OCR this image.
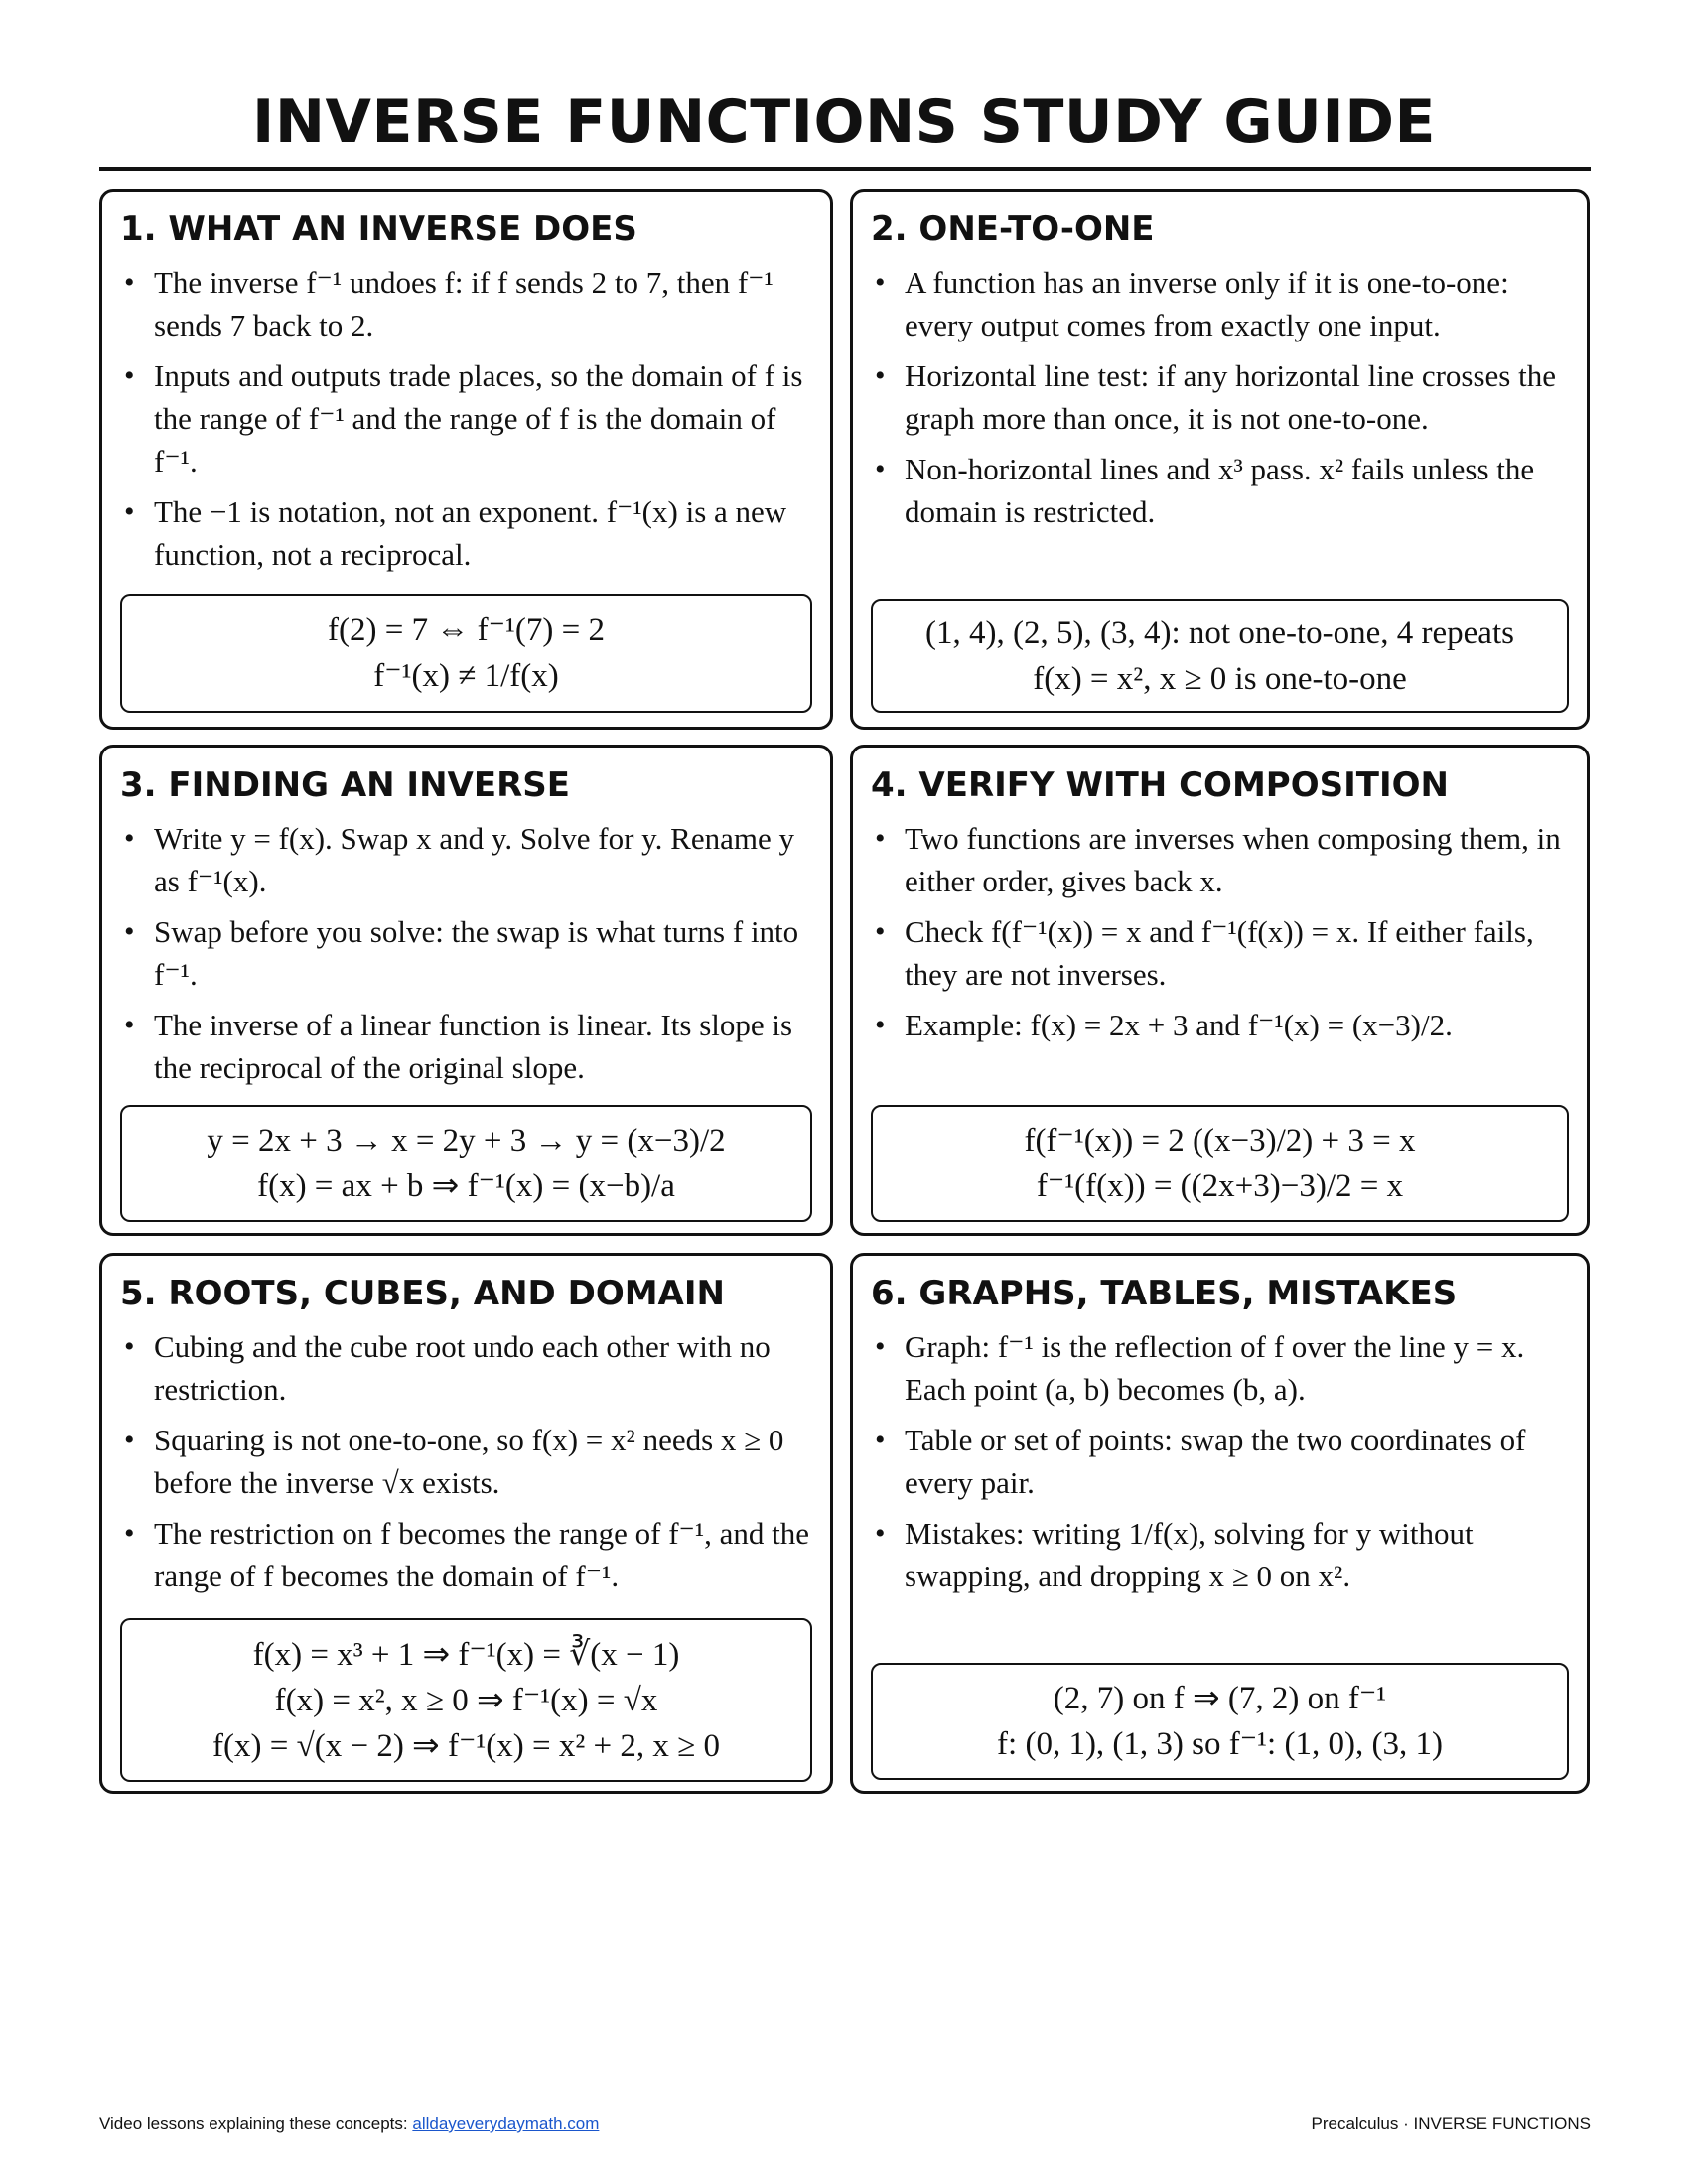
INVERSE FUNCTIONS STUDY GUIDE
1. WHAT AN INVERSE DOES
• The inverse f⁻¹ undoes f: if f sends 2 to 7, then f⁻¹ sends 7 back to 2.
• Inputs and outputs trade places, so the domain of f is the range of f⁻¹ and the range of f is the domain of f⁻¹.
• The −1 is notation, not an exponent. f⁻¹(x) is a new function, not a reciprocal.
f(2) = 7 ⇔ f⁻¹(7) = 2
f⁻¹(x) ≠ 1/f(x)
2. ONE-TO-ONE
• A function has an inverse only if it is one-to-one: every output comes from exactly one input.
• Horizontal line test: if any horizontal line crosses the graph more than once, it is not one-to-one.
• Non-horizontal lines and x³ pass. x² fails unless the domain is restricted.
(1, 4), (2, 5), (3, 4): not one-to-one, 4 repeats
f(x) = x², x ≥ 0 is one-to-one
3. FINDING AN INVERSE
• Write y = f(x). Swap x and y. Solve for y. Rename y as f⁻¹(x).
• Swap before you solve: the swap is what turns f into f⁻¹.
• The inverse of a linear function is linear. Its slope is the reciprocal of the original slope.
y = 2x + 3 → x = 2y + 3 → y = (x−3)/2
f(x) = ax + b ⇒ f⁻¹(x) = (x−b)/a
4. VERIFY WITH COMPOSITION
• Two functions are inverses when composing them, in either order, gives back x.
• Check f(f⁻¹(x)) = x and f⁻¹(f(x)) = x. If either fails, they are not inverses.
• Example: f(x) = 2x + 3 and f⁻¹(x) = (x−3)/2.
f(f⁻¹(x)) = 2 ((x−3)/2) + 3 = x
f⁻¹(f(x)) = ((2x+3)−3)/2 = x
5. ROOTS, CUBES, AND DOMAIN
• Cubing and the cube root undo each other with no restriction.
• Squaring is not one-to-one, so f(x) = x² needs x ≥ 0 before the inverse √x exists.
• The restriction on f becomes the range of f⁻¹, and the range of f becomes the domain of f⁻¹.
f(x) = x³ + 1 ⇒ f⁻¹(x) = ∛(x − 1)
f(x) = x², x ≥ 0 ⇒ f⁻¹(x) = √x
f(x) = √(x − 2) ⇒ f⁻¹(x) = x² + 2, x ≥ 0
6. GRAPHS, TABLES, MISTAKES
• Graph: f⁻¹ is the reflection of f over the line y = x. Each point (a, b) becomes (b, a).
• Table or set of points: swap the two coordinates of every pair.
• Mistakes: writing 1/f(x), solving for y without swapping, and dropping x ≥ 0 on x².
(2, 7) on f ⇒ (7, 2) on f⁻¹
f: (0, 1), (1, 3) so f⁻¹: (1, 0), (3, 1)
Video lessons explaining these concepts: alldayeverydaymath.com	Precalculus · INVERSE FUNCTIONS
